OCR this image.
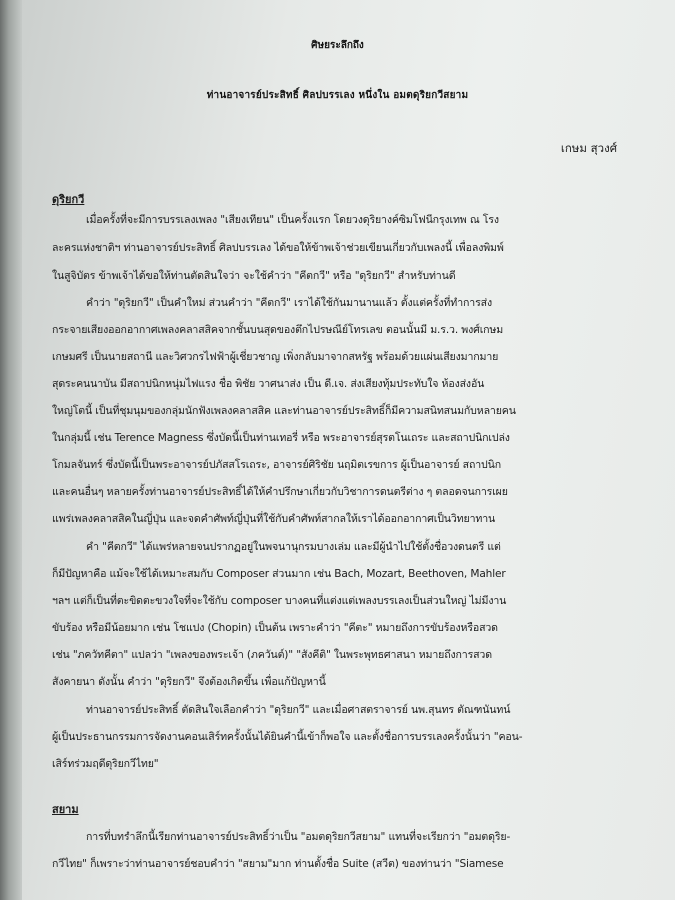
ศิษยระลึกถึง
ท่านอาจารย์ประสิทธิ์ ศิลปบรรเลง หนึ่งใน อมตดุริยกวีสยาม
เกษม สุวงศ์
ดุริยกวี
เมื่อครั้งที่จะมีการบรรเลงเพลง "เสียงเทียน" เป็นครั้งแรก โดยวงดุริยางค์ซิมโฟนีกรุงเทพ ณ โรง
ละครแห่งชาติฯ ท่านอาจารย์ประสิทธิ์ ศิลปบรรเลง ได้ขอให้ข้าพเจ้าช่วยเขียนเกี่ยวกับเพลงนี้ เพื่อลงพิมพ์
ในสูจิบัตร ข้าพเจ้าได้ขอให้ท่านตัดสินใจว่า จะใช้คำว่า "คีตกวี" หรือ "ดุริยกวี" สำหรับท่านดี
คำว่า "ดุริยกวี" เป็นคำใหม่ ส่วนคำว่า "คีตกวี" เราได้ใช้กันมานานแล้ว ตั้งแต่ครั้งที่ทำการส่ง
กระจายเสียงออกอากาศเพลงคลาสสิคจากชั้นบนสุดของตึกไปรษณีย์โทรเลข ตอนนั้นมี ม.ร.ว. พงศ์เกษม
เกษมศรี เป็นนายสถานี และวิศวกรไฟฟ้าผู้เชี่ยวชาญ เพิ่งกลับมาจากสหรัฐ พร้อมด้วยแผ่นเสียงมากมาย
สุดระคนนาบัน มีสถาปนิกหนุ่มไฟแรง ชื่อ พิชัย วาศนาส่ง เป็น ดี.เจ. ส่งเสียงทุ้มประทับใจ ห้องส่งอัน
ใหญ่โตนี้ เป็นที่ชุมนุมของกลุ่มนักฟังเพลงคลาสสิค และท่านอาจารย์ประสิทธิ์ก็มีความสนิทสนมกับหลายคน
ในกลุ่มนี้ เช่น Terence Magness ซึ่งบัดนี้เป็นท่านเทอรี่ หรือ พระอาจารย์สุรตโนเถระ และสถาปนิกเปล่ง
โกมลจันทร์ ซึ่งบัดนี้เป็นพระอาจารย์ปภัสสโรเถระ, อาจารย์ศิริชัย นฤมิตเรขการ ผู้เป็นอาจารย์ สถาปนิก
และคนอื่นๆ หลายครั้งท่านอาจารย์ประสิทธิ์ได้ให้คำปรึกษาเกี่ยวกับวิชาการดนตรีต่าง ๆ ตลอดจนการเผย
แพร่เพลงคลาสสิคในญี่ปุ่น และจดคำศัพท์ญี่ปุ่นที่ใช้กับคำศัพท์สากลให้เราได้ออกอากาศเป็นวิทยาทาน
คำ "คีตกวี" ได้แพร่หลายจนปรากฏอยู่ในพจนานุกรมบางเล่ม และมีผู้นำไปใช้ตั้งชื่อวงดนตรี แต่
ก็มีปัญหาคือ แม้จะใช้ได้เหมาะสมกับ Composer ส่วนมาก เช่น Bach, Mozart, Beethoven, Mahler
ฯลฯ แต่ก็เป็นที่ตะขิดตะขวงใจที่จะใช้กับ composer บางคนที่แต่งแต่เพลงบรรเลงเป็นส่วนใหญ่ ไม่มีงาน
ขับร้อง หรือมีน้อยมาก เช่น โชแปง (Chopin) เป็นต้น เพราะคำว่า "คีตะ" หมายถึงการขับร้องหรือสวด
เช่น "ภควัทคีตา" แปลว่า "เพลงของพระเจ้า (ภควันต์)" "สังคีติ" ในพระพุทธศาสนา หมายถึงการสวด
สังคายนา ดังนั้น คำว่า "ดุริยกวี" จึงต้องเกิดขึ้น เพื่อแก้ปัญหานี้
ท่านอาจารย์ประสิทธิ์ ตัดสินใจเลือกคำว่า "ดุริยกวี" และเมื่อศาสตราจารย์ นพ.สุนทร ตัณฑนันทน์
ผู้เป็นประธานกรรมการจัดงานคอนเสิร์ทครั้งนั้นได้ยินคำนี้เข้าก็พอใจ และตั้งชื่อการบรรเลงครั้งนั้นว่า "คอน-
เสิร์ทร่วมฤดีดุริยกวีไทย"
สยาม
การที่บทรำลึกนี้เรียกท่านอาจารย์ประสิทธิ์ว่าเป็น "อมตดุริยกวีสยาม" แทนที่จะเรียกว่า "อมตดุริย-
กวีไทย" ก็เพราะว่าท่านอาจารย์ชอบคำว่า "สยาม"มาก ท่านตั้งชื่อ Suite (สวีต) ของท่านว่า "Siamese
